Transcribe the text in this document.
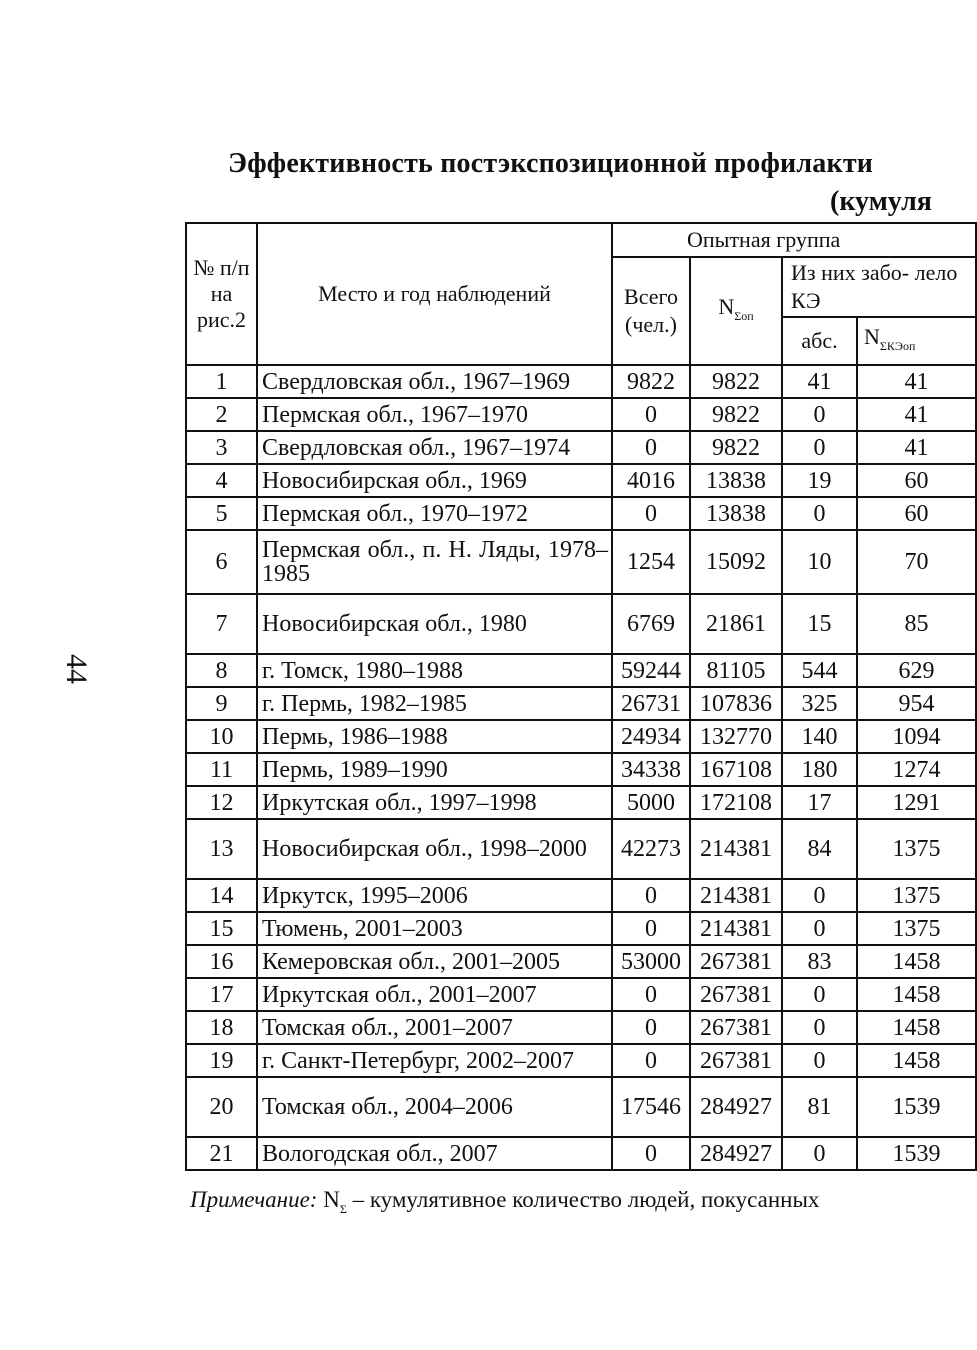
44
Эффективность постэкспозиционной профилакти
(кумуля
№ п/п на рис.2	Место и год наблюдений	Опытная группа			
		Всего (чел.)	$N_{\Sigma оп}$	Из них забо- лело КЭ	
				абс.	$N_{\Sigma КЭоп}$
1	Свердловская обл., 1967–1969	9822	9822	41	41
2	Пермская обл., 1967–1970	0	9822	0	41
3	Свердловская обл., 1967–1974	0	9822	0	41
4	Новосибирская обл., 1969	4016	13838	19	60
5	Пермская обл., 1970–1972	0	13838	0	60
6	Пермская обл., п. Н. Ляды, 1978–1985	1254	15092	10	70
7	Новосибирская обл., 1980	6769	21861	15	85
8	г. Томск, 1980–1988	59244	81105	544	629
9	г. Пермь, 1982–1985	26731	107836	325	954
10	Пермь, 1986–1988	24934	132770	140	1094
11	Пермь, 1989–1990	34338	167108	180	1274
12	Иркутская обл., 1997–1998	5000	172108	17	1291
13	Новосибирская обл., 1998–2000	42273	214381	84	1375
14	Иркутск, 1995–2006	0	214381	0	1375
15	Тюмень, 2001–2003	0	214381	0	1375
16	Кемеровская обл., 2001–2005	53000	267381	83	1458
17	Иркутская обл., 2001–2007	0	267381	0	1458
18	Томская обл., 2001–2007	0	267381	0	1458
19	г. Санкт-Петербург, 2002–2007	0	267381	0	1458
20	Томская обл., 2004–2006	17546	284927	81	1539
21	Вологодская обл., 2007	0	284927	0	1539
Примечание: $N_\Sigma$ – кумулятивное количество людей, покусанных
